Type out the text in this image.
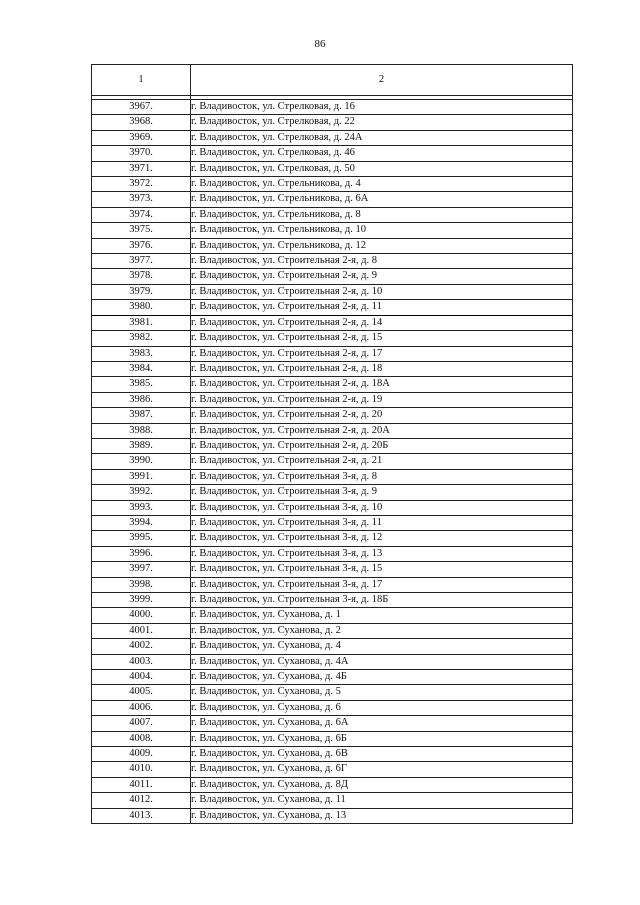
86
1	2

3967.	г. Владивосток, ул. Стрелковая, д. 16
3968.	г. Владивосток, ул. Стрелковая, д. 22
3969.	г. Владивосток, ул. Стрелковая, д. 24А
3970.	г. Владивосток, ул. Стрелковая, д. 46
3971.	г. Владивосток, ул. Стрелковая, д. 50
3972.	г. Владивосток, ул. Стрельникова, д. 4
3973.	г. Владивосток, ул. Стрельникова, д. 6А
3974.	г. Владивосток, ул. Стрельникова, д. 8
3975.	г. Владивосток, ул. Стрельникова, д. 10
3976.	г. Владивосток, ул. Стрельникова, д. 12
3977.	г. Владивосток, ул. Строительная 2-я, д. 8
3978.	г. Владивосток, ул. Строительная 2-я, д. 9
3979.	г. Владивосток, ул. Строительная 2-я, д. 10
3980.	г. Владивосток, ул. Строительная 2-я, д. 11
3981.	г. Владивосток, ул. Строительная 2-я, д. 14
3982.	г. Владивосток, ул. Строительная 2-я, д. 15
3983.	г. Владивосток, ул. Строительная 2-я, д. 17
3984.	г. Владивосток, ул. Строительная 2-я, д. 18
3985.	г. Владивосток, ул. Строительная 2-я, д. 18А
3986.	г. Владивосток, ул. Строительная 2-я, д. 19
3987.	г. Владивосток, ул. Строительная 2-я, д. 20
3988.	г. Владивосток, ул. Строительная 2-я, д. 20А
3989.	г. Владивосток, ул. Строительная 2-я, д. 20Б
3990.	г. Владивосток, ул. Строительная 2-я, д. 21
3991.	г. Владивосток, ул. Строительная 3-я, д. 8
3992.	г. Владивосток, ул. Строительная 3-я, д. 9
3993.	г. Владивосток, ул. Строительная 3-я, д. 10
3994.	г. Владивосток, ул. Строительная 3-я, д. 11
3995.	г. Владивосток, ул. Строительная 3-я, д. 12
3996.	г. Владивосток, ул. Строительная 3-я, д. 13
3997.	г. Владивосток, ул. Строительная 3-я, д. 15
3998.	г. Владивосток, ул. Строительная 3-я, д. 17
3999.	г. Владивосток, ул. Строительная 3-я, д. 18Б
4000.	г. Владивосток, ул. Суханова, д. 1
4001.	г. Владивосток, ул. Суханова, д. 2
4002.	г. Владивосток, ул. Суханова, д. 4
4003.	г. Владивосток, ул. Суханова, д. 4А
4004.	г. Владивосток, ул. Суханова, д. 4Б
4005.	г. Владивосток, ул. Суханова, д. 5
4006.	г. Владивосток, ул. Суханова, д. 6
4007.	г. Владивосток, ул. Суханова, д. 6А
4008.	г. Владивосток, ул. Суханова, д. 6Б
4009.	г. Владивосток, ул. Суханова, д. 6В
4010.	г. Владивосток, ул. Суханова, д. 6Г
4011.	г. Владивосток, ул. Суханова, д. 8Д
4012.	г. Владивосток, ул. Суханова, д. 11
4013.	г. Владивосток, ул. Суханова, д. 13
